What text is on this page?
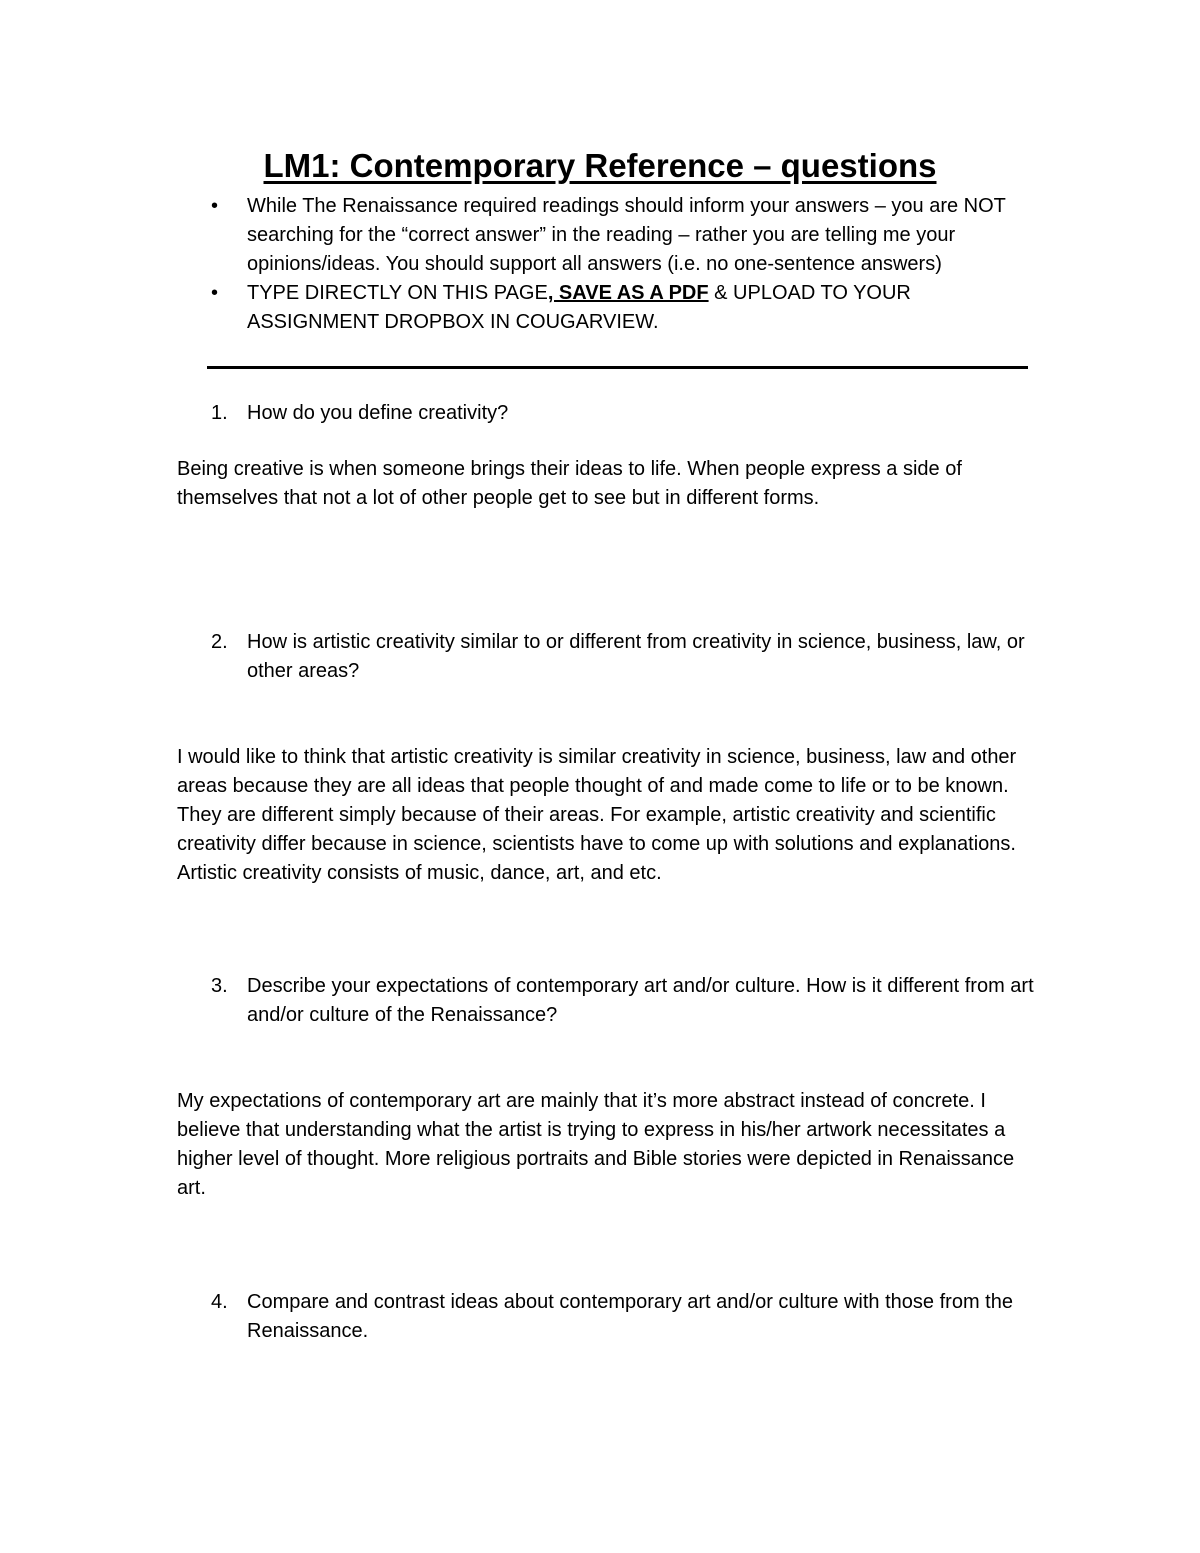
LM1: Contemporary Reference – questions
• While The Renaissance required readings should inform your answers – you are NOT searching for the “correct answer” in the reading – rather you are telling me your opinions/ideas. You should support all answers (i.e. no one-sentence answers)
• TYPE DIRECTLY ON THIS PAGE, SAVE AS A PDF & UPLOAD TO YOUR ASSIGNMENT DROPBOX IN COUGARVIEW.
1. How do you define creativity?
Being creative is when someone brings their ideas to life. When people express a side of themselves that not a lot of other people get to see but in different forms.
2. How is artistic creativity similar to or different from creativity in science, business, law, or other areas?
I would like to think that artistic creativity is similar creativity in science, business, law and other areas because they are all ideas that people thought of and made come to life or to be known. They are different simply because of their areas. For example, artistic creativity and scientific creativity differ because in science, scientists have to come up with solutions and explanations. Artistic creativity consists of music, dance, art, and etc.
3. Describe your expectations of contemporary art and/or culture. How is it different from art and/or culture of the Renaissance?
My expectations of contemporary art are mainly that it’s more abstract instead of concrete. I believe that understanding what the artist is trying to express in his/her artwork necessitates a higher level of thought. More religious portraits and Bible stories were depicted in Renaissance art.
4. Compare and contrast ideas about contemporary art and/or culture with those from the Renaissance.
